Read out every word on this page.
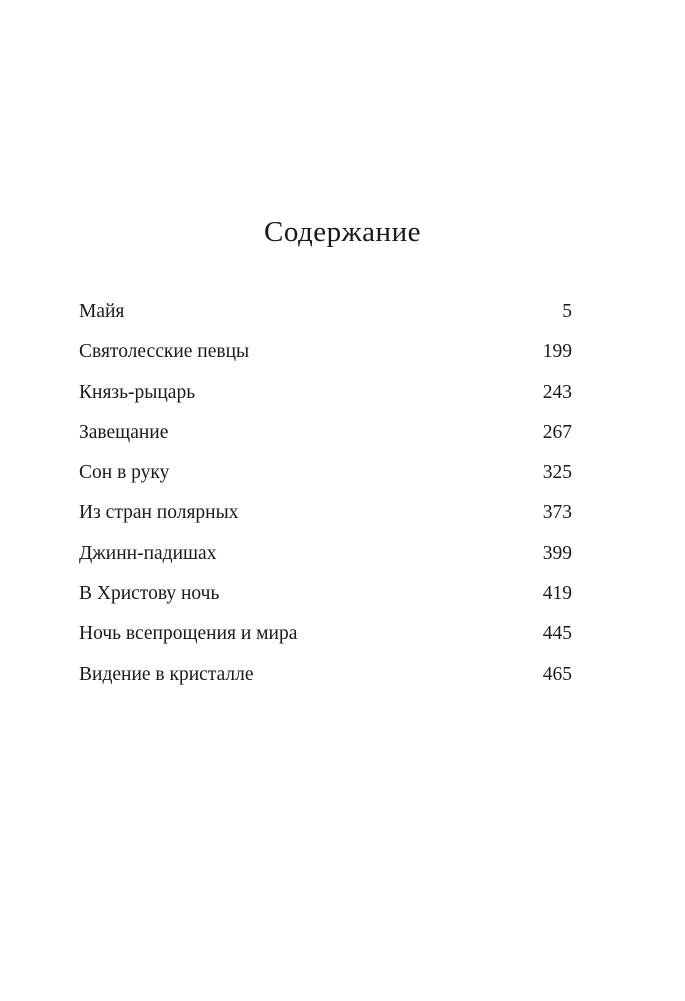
Содержание
Майя	5
Святолесские певцы	199
Князь-рыцарь	243
Завещание	267
Сон в руку	325
Из стран полярных	373
Джинн-падишах	399
В Христову ночь	419
Ночь всепрощения и мира	445
Видение в кристалле	465
